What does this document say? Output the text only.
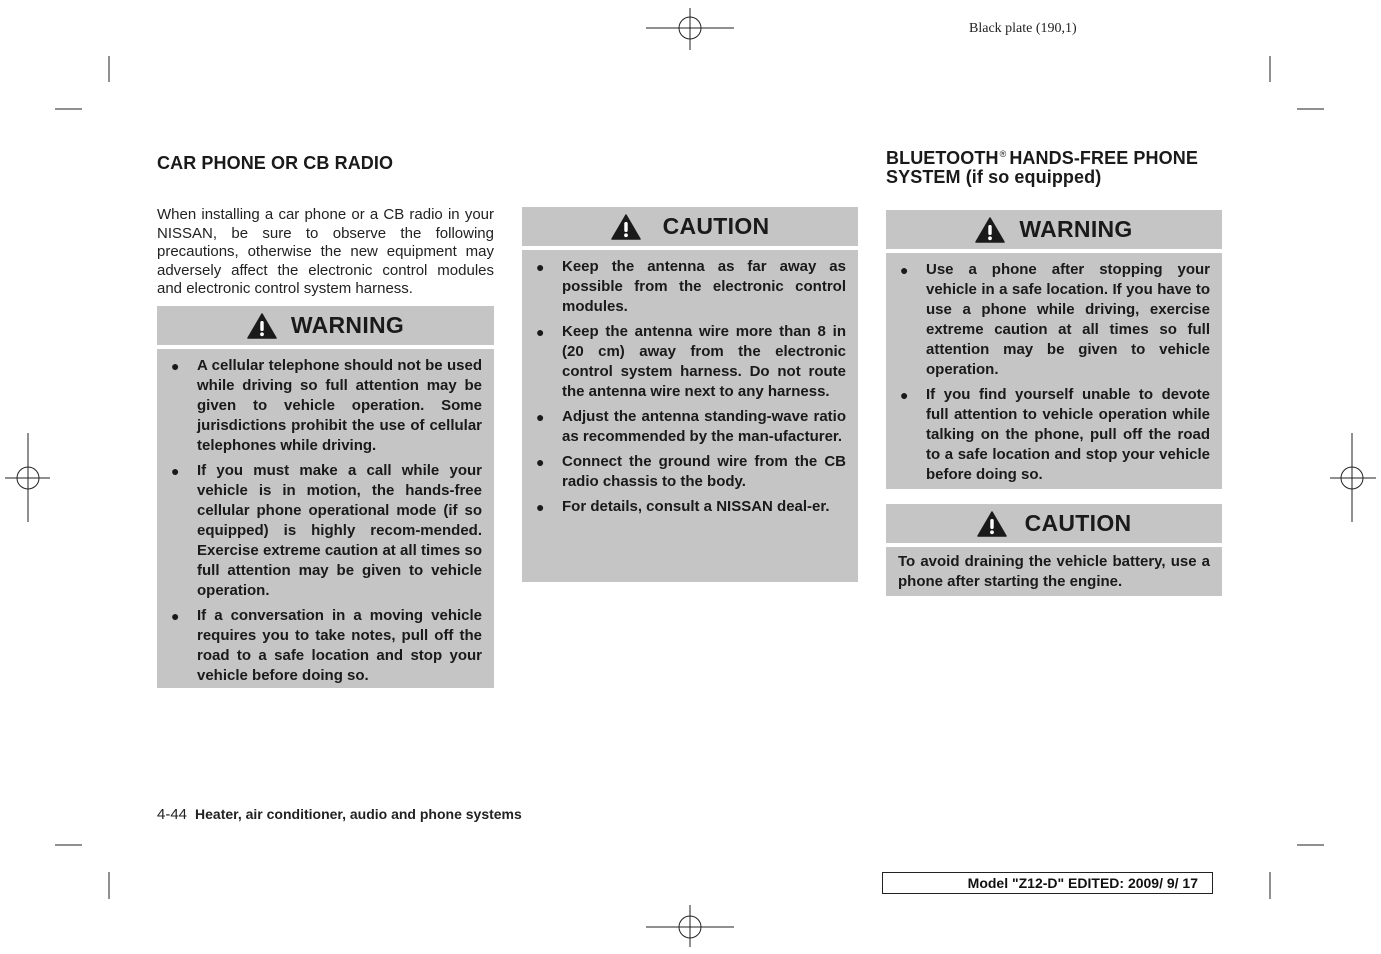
Black plate (190,1)
CAR PHONE OR CB RADIO
When installing a car phone or a CB radio in your NISSAN, be sure to observe the following precautions, otherwise the new equipment may adversely affect the electronic control modules and electronic control system harness.
WARNING
● A cellular telephone should not be used while driving so full attention may be given to vehicle operation. Some jurisdictions prohibit the use of cellular telephones while driving.
● If you must make a call while your vehicle is in motion, the hands-free cellular phone operational mode (if so equipped) is highly recom-mended. Exercise extreme caution at all times so full attention may be given to vehicle operation.
● If a conversation in a moving vehicle requires you to take notes, pull off the road to a safe location and stop your vehicle before doing so.
CAUTION
● Keep the antenna as far away as possible from the electronic control modules.
● Keep the antenna wire more than 8 in (20 cm) away from the electronic control system harness. Do not route the antenna wire next to any harness.
● Adjust the antenna standing-wave ratio as recommended by the man-ufacturer.
● Connect the ground wire from the CB radio chassis to the body.
● For details, consult a NISSAN deal-er.
BLUETOOTH® HANDS-FREE PHONE
SYSTEM (if so equipped)
WARNING
● Use a phone after stopping your vehicle in a safe location. If you have to use a phone while driving, exercise extreme caution at all times so full attention may be given to vehicle operation.
● If you find yourself unable to devote full attention to vehicle operation while talking on the phone, pull off the road to a safe location and stop your vehicle before doing so.
CAUTION
To avoid draining the vehicle battery, use a phone after starting the engine.
4-44 Heater, air conditioner, audio and phone systems
Model "Z12-D" EDITED: 2009/ 9/ 17
